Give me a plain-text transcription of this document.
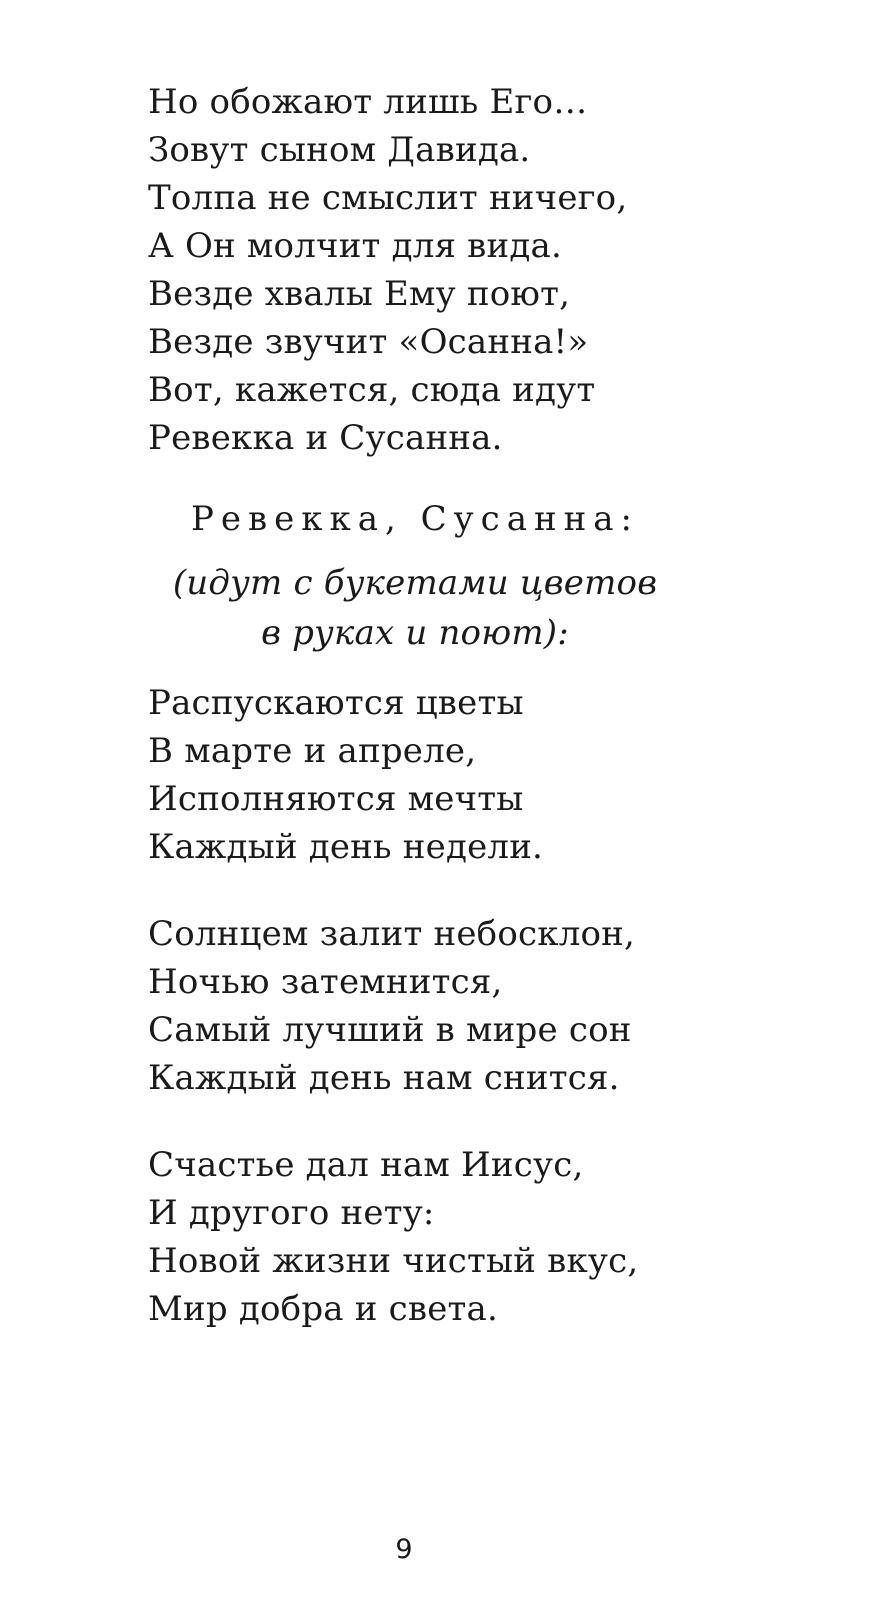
Но обожают лишь Его…
Зовут сыном Давида.
Толпа не смыслит ничего,
А Он молчит для вида.
Везде хвалы Ему поют,
Везде звучит «Осанна!»
Вот, кажется, сюда идут
Ревекка и Сусанна.
Ревекка, Сусанна:
(идут с букетами цветов
в руках и поют):
Распускаются цветы
В марте и апреле,
Исполняются мечты
Каждый день недели.
Солнцем залит небосклон,
Ночью затемнится,
Самый лучший в мире сон
Каждый день нам снится.
Счастье дал нам Иисус,
И другого нету:
Новой жизни чистый вкус,
Мир добра и света.
9
